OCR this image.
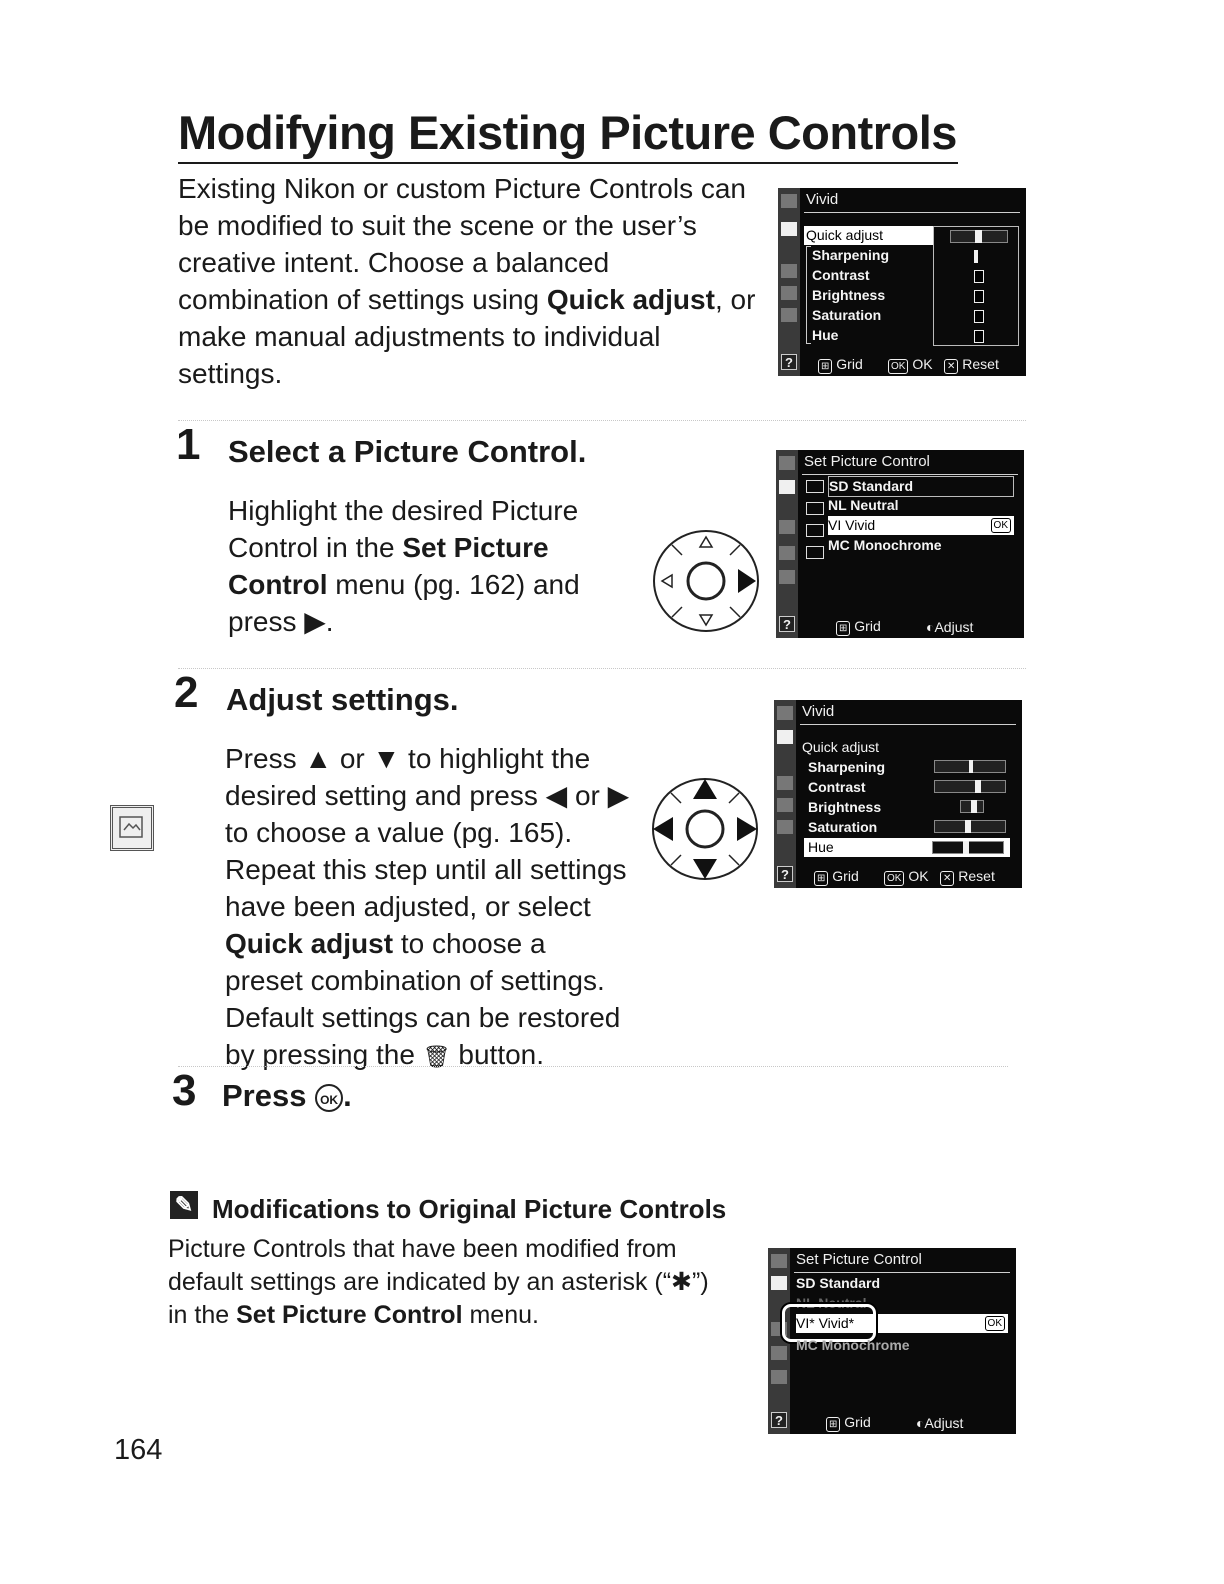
Modifying Existing Picture Controls
Existing Nikon or custom Picture Controls can be modified to suit the scene or the user’s creative intent. Choose a balanced combination of settings using Quick adjust, or make manual adjustments to individual settings.	?
Vivid
Quick adjust
Sharpening
Contrast
Brightness
Saturation
Hue
⊞ Grid	OK OK	✕ Reset
1 Select a Picture Control.
Highlight the desired Picture Control in the Set Picture Control menu (pg. 162) and press ▶.	?
Set Picture Control
SD Standard
NL Neutral
VI Vivid	OK
MC Monochrome
⊞ Grid	◐Adjust
2 Adjust settings.
Press ▲ or ▼ to highlight the desired setting and press ◀ or ▶ to choose a value (pg. 165). Repeat this step until all settings have been adjusted, or select Quick adjust to choose a preset combination of settings. Default settings can be restored by pressing the 🗑 button.
?
Vivid
Quick adjust
Sharpening
Contrast
Brightness
Saturation
Hue
⊞ Grid	OK OK	✕ Reset
3 Press OK .
✎ Modifications to Original Picture Controls
Picture Controls that have been modified from default settings are indicated by an asterisk (“✱”) in the Set Picture Control menu.
?
Set Picture Control
SD Standard
NL Neutral
VI* Vivid*	OK
MC Monochrome
⊞ Grid	◐Adjust
164
